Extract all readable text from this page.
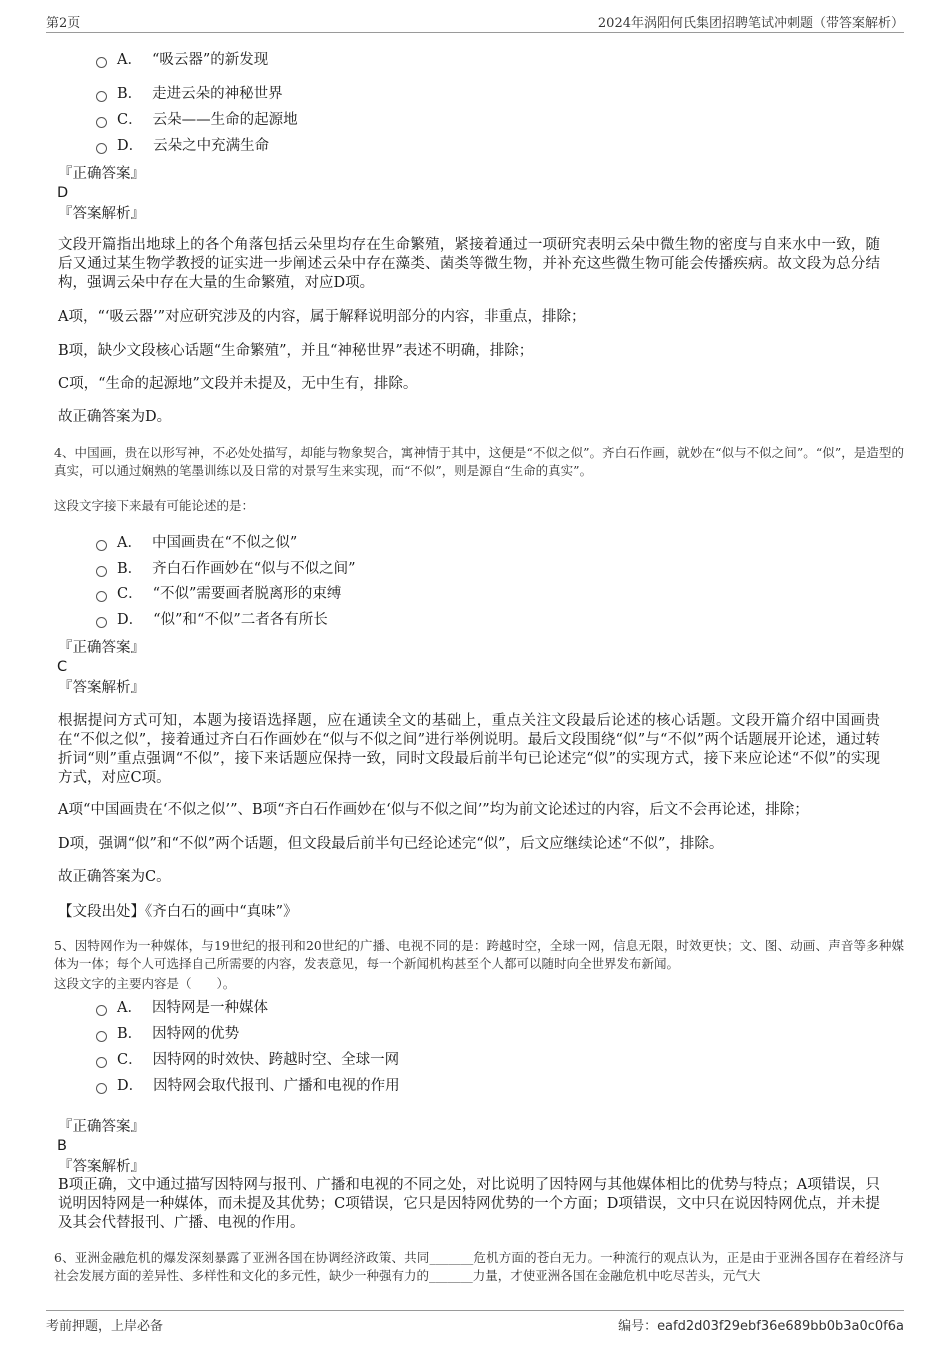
第2页	2024年涡阳何氏集团招聘笔试冲刺题（带答案解析）
A． “吸云器”的新发现
B． 走进云朵的神秘世界
C． 云朵——生命的起源地
D． 云朵之中充满生命
『正确答案』
D
『答案解析』
文段开篇指出地球上的各个角落包括云朵里均存在生命繁殖，紧接着通过一项研究表明云朵中微生物的密度与自来水中一致，随后又通过某生物学教授的证实进一步阐述云朵中存在藻类、菌类等微生物，并补充这些微生物可能会传播疾病。故文段为总分结构，强调云朵中存在大量的生命繁殖，对应D项。
A项，“‘吸云器’”对应研究涉及的内容，属于解释说明部分的内容，非重点，排除；
B项，缺少文段核心话题“生命繁殖”，并且“神秘世界”表述不明确，排除；
C项，“生命的起源地”文段并未提及，无中生有，排除。
故正确答案为D。
4、中国画，贵在以形写神，不必处处描写，却能与物象契合，寓神情于其中，这便是“不似之似”。齐白石作画，就妙在“似与不似之间”。“似”，是造型的真实，可以通过娴熟的笔墨训练以及日常的对景写生来实现，而“不似”，则是源自“生命的真实”。
这段文字接下来最有可能论述的是：
A． 中国画贵在“不似之似”
B． 齐白石作画妙在“似与不似之间”
C． “不似”需要画者脱离形的束缚
D． “似”和“不似”二者各有所长
『正确答案』
C
『答案解析』
根据提问方式可知，本题为接语选择题，应在通读全文的基础上，重点关注文段最后论述的核心话题。文段开篇介绍中国画贵在“不似之似”，接着通过齐白石作画妙在“似与不似之间”进行举例说明。最后文段围绕“似”与“不似”两个话题展开论述，通过转折词“则”重点强调“不似”，接下来话题应保持一致，同时文段最后前半句已论述完“似”的实现方式，接下来应论述“不似”的实现方式，对应C项。
A项“中国画贵在‘不似之似’”、B项“齐白石作画妙在‘似与不似之间’”均为前文论述过的内容，后文不会再论述，排除；
D项，强调“似”和“不似”两个话题，但文段最后前半句已经论述完“似”，后文应继续论述“不似”，排除。
故正确答案为C。
【文段出处】《齐白石的画中“真味”》
5、因特网作为一种媒体，与19世纪的报刊和20世纪的广播、电视不同的是：跨越时空，全球一网，信息无限，时效更快；文、图、动画、声音等多种媒体为一体；每个人可选择自己所需要的内容，发表意见，每一个新闻机构甚至个人都可以随时向全世界发布新闻。
这段文字的主要内容是（　　）。
A． 因特网是一种媒体
B． 因特网的优势
C． 因特网的时效快、跨越时空、全球一网
D． 因特网会取代报刊、广播和电视的作用
『正确答案』
B
『答案解析』
B项正确，文中通过描写因特网与报刊、广播和电视的不同之处，对比说明了因特网与其他媒体相比的优势与特点；A项错误，只说明因特网是一种媒体，而未提及其优势；C项错误，它只是因特网优势的一个方面；D项错误，文中只在说因特网优点，并未提及其会代替报刊、广播、电视的作用。
6、亚洲金融危机的爆发深刻暴露了亚洲各国在协调经济政策、共同_______危机方面的苍白无力。一种流行的观点认为，正是由于亚洲各国存在着经济与社会发展方面的差异性、多样性和文化的多元性，缺少一种强有力的_______力量，才使亚洲各国在金融危机中吃尽苦头，元气大
考前押题，上岸必备	编号：eafd2d03f29ebf36e689bb0b3a0c0f6a
